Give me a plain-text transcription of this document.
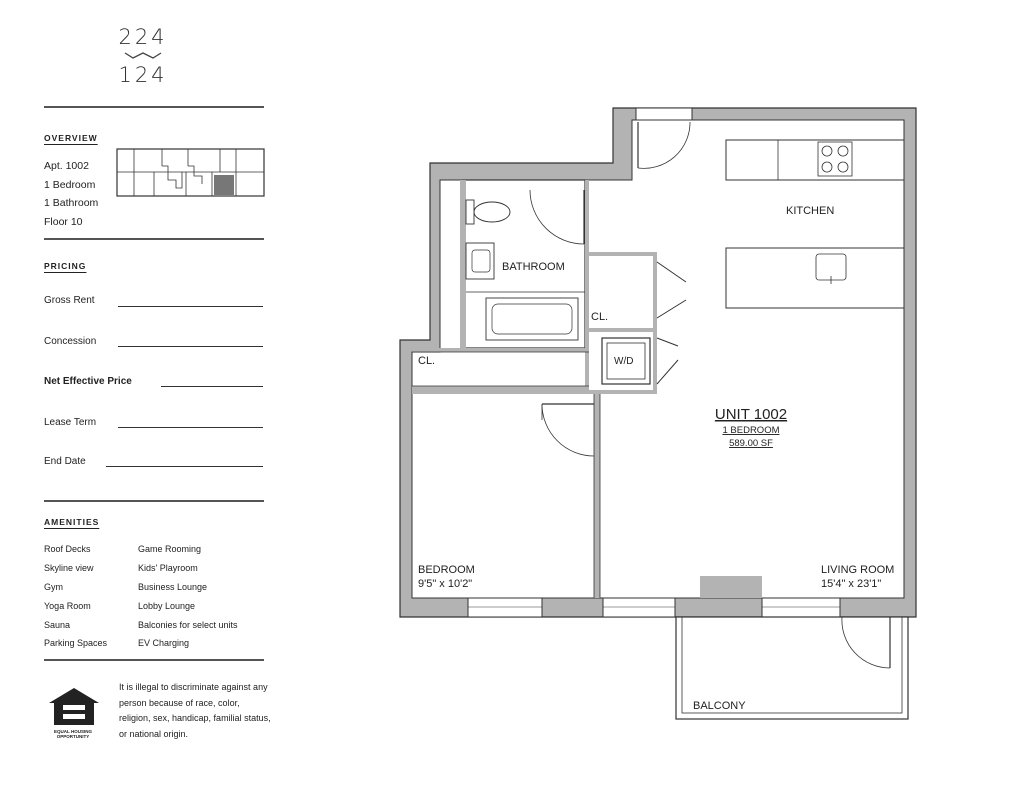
224
124
OVERVIEW
Apt. 1002
1 Bedroom
1 Bathroom
Floor 10
PRICING
Gross Rent
Concession
Net Effective Price
Lease Term
End Date
AMENITIES
Roof Decks
Skyline view
Gym
Yoga Room
Sauna
Parking Spaces
Game Rooming
Kids' Playroom
Business Lounge
Lobby Lounge
Balconies for select units
EV Charging
EQUAL HOUSING OPPORTUNITY
It is illegal to discriminate against any person because of race, color, religion, sex, handicap, familial status, or national origin.
KITCHEN
BATHROOM
CL.
CL.	W/D
UNIT 1002
1 BEDROOM
589.00 SF
BEDROOM
9'5" x 10'2"
LIVING ROOM
15'4" x 23'1"
BALCONY
